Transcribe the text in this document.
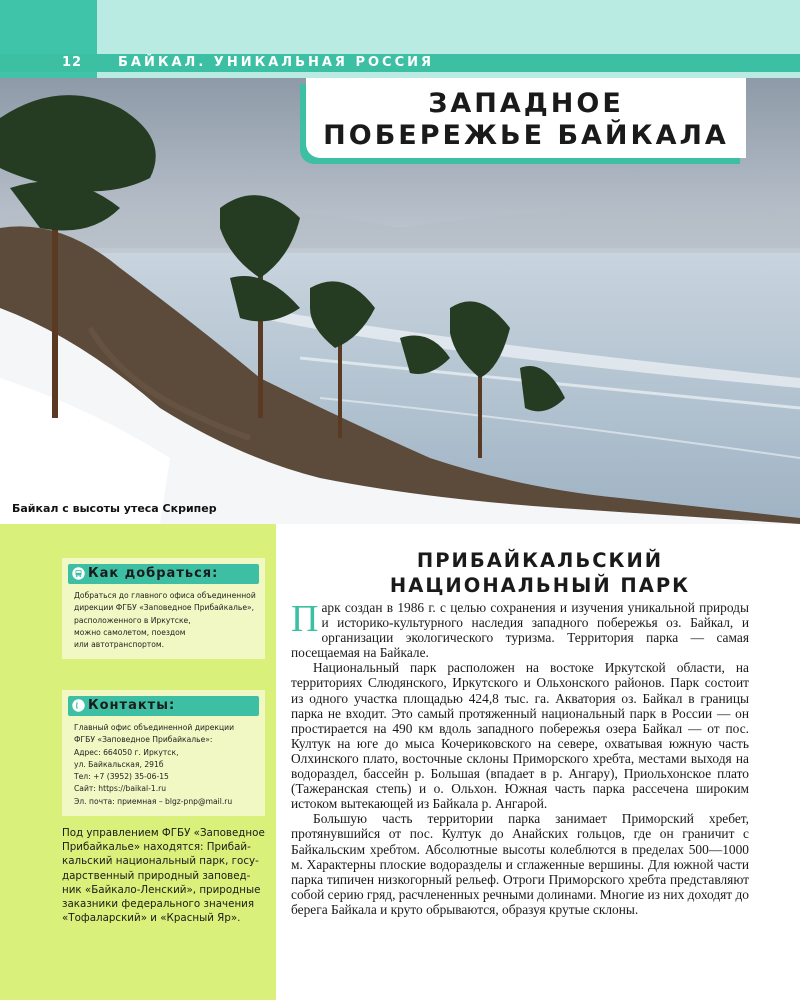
12	БАЙКАЛ. УНИКАЛЬНАЯ РОССИЯ
Байкал с высоты утеса Скрипер
ЗАПАДНОЕ
ПОБЕРЕЖЬЕ БАЙКАЛА
Как добраться:
Добраться до главного офиса объединенной
дирекции ФГБУ «Заповедное Прибайкалье»,
расположенного в Иркутске,
можно самолетом, поездом
или автотранспортом.
Контакты:
Главный офис объединенной дирекции
ФГБУ «Заповедное Прибайкалье»:
Адрес: 664050 г. Иркутск,
ул. Байкальская, 291б
Тел: +7 (3952) 35-06-15
Сайт: https://baikal-1.ru
Эл. почта: приемная – blgz-pnp@mail.ru
Под управлением ФГБУ «Заповедное
Прибайкалье» находятся: Прибай-
кальский национальный парк, госу-
дарственный природный заповед-
ник «Байкало-Ленский», природные
заказники федерального значения
«Тофаларский» и «Красный Яр».
ПРИБАЙКАЛЬСКИЙ
НАЦИОНАЛЬНЫЙ ПАРК

Парк создан в 1986 г. с целью сохранения и изучения уникальной природы и историко-культурного наследия западного побережья оз. Байкал, и организации экологического туризма. Территория парка — самая посещаемая на Байкале.

Национальный парк расположен на востоке Иркутской области, на территориях Слюдянского, Иркутского и Ольхонского районов. Парк состоит из одного участка площадью 424,8 тыс. га. Акватория оз. Байкал в границы парка не входит. Это самый протяженный национальный парк в России — он простирается на 490 км вдоль западного побережья озера Байкал — от пос. Култук на юге до мыса Кочериковского на севере, охватывая южную часть Олхинского плато, восточные склоны Приморского хребта, местами выходя на водораздел, бассейн р. Большая (впадает в р. Ангару), Приольхонское плато (Тажеранская степь) и о. Ольхон. Южная часть парка рассечена широким истоком вытекающей из Байкала р. Ангарой.

Большую часть территории парка занимает Приморский хребет, протянувшийся от пос. Култук до Анайских гольцов, где он граничит с Байкальским хребтом. Абсолютные высоты колеблются в пределах 500—1000 м. Характерны плоские водоразделы и сглаженные вершины. Для южной части парка типичен низкогорный рельеф. Отроги Приморского хребта представляют собой серию гряд, расчлененных речными долинами. Многие из них доходят до берега Байкала и круто обрываются, образуя крутые склоны.
